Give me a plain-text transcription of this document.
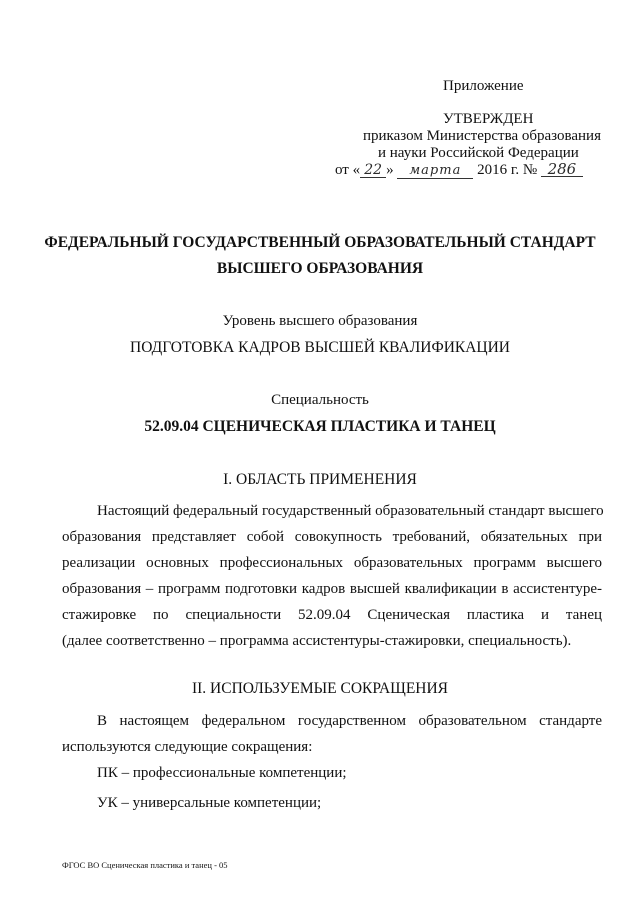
Приложение
УТВЕРЖДЕН
приказом Министерства образования
и науки Российской Федерации
от « 22 » марта 2016 г. № 286
ФЕДЕРАЛЬНЫЙ ГОСУДАРСТВЕННЫЙ ОБРАЗОВАТЕЛЬНЫЙ СТАНДАРТ
ВЫСШЕГО ОБРАЗОВАНИЯ
Уровень высшего образования
ПОДГОТОВКА КАДРОВ ВЫСШЕЙ КВАЛИФИКАЦИИ
Специальность
52.09.04 СЦЕНИЧЕСКАЯ ПЛАСТИКА И ТАНЕЦ
I. ОБЛАСТЬ ПРИМЕНЕНИЯ
Настоящий федеральный государственный образовательный стандарт высшего
образования представляет собой совокупность требований, обязательных при
реализации основных профессиональных образовательных программ высшего
образования – программ подготовки кадров высшей квалификации в ассистентуре-
стажировке по специальности 52.09.04 Сценическая пластика и танец
(далее соответственно – программа ассистентуры-стажировки, специальность).
II. ИСПОЛЬЗУЕМЫЕ СОКРАЩЕНИЯ
В настоящем федеральном государственном образовательном стандарте
используются следующие сокращения:
ПК – профессиональные компетенции;
УК – универсальные компетенции;
ФГОС ВО Сценическая пластика и танец - 05
